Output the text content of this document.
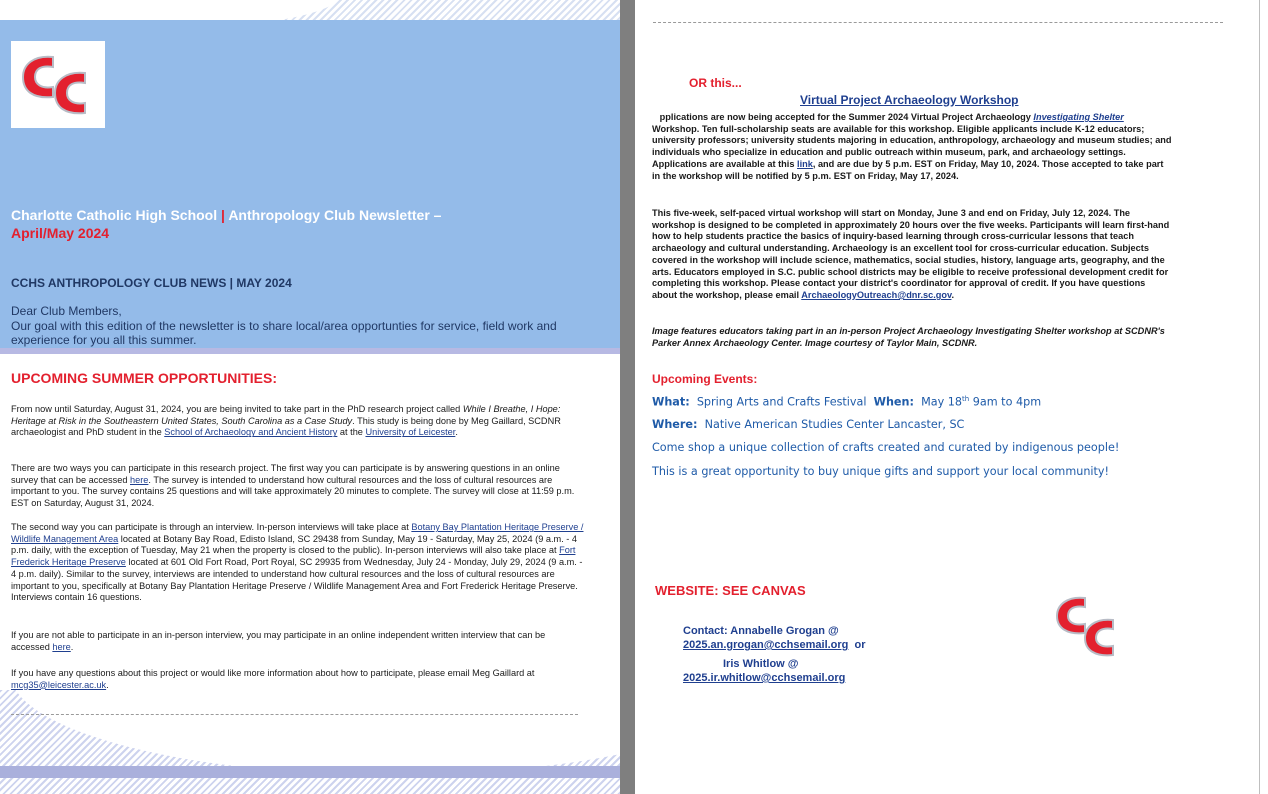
Charlotte Catholic High School | Anthropology Club Newsletter –
April/May 2024
CCHS ANTHROPOLOGY CLUB NEWS | MAY 2024
Dear Club Members,
Our goal with this edition of the newsletter is to share local/area opportunties for service, field work and experience for you all this summer.
UPCOMING SUMMER OPPORTUNITIES:
From now until Saturday, August 31, 2024, you are being invited to take part in the PhD research project called While I Breathe, I Hope: Heritage at Risk in the Southeastern United States, South Carolina as a Case Study. This study is being done by Meg Gaillard, SCDNR archaeologist and PhD student in the School of Archaeology and Ancient History at the University of Leicester.
There are two ways you can participate in this research project. The first way you can participate is by answering questions in an online survey that can be accessed here. The survey is intended to understand how cultural resources and the loss of cultural resources are important to you. The survey contains 25 questions and will take approximately 20 minutes to complete. The survey will close at 11:59 p.m. EST on Saturday, August 31, 2024.
The second way you can participate is through an interview. In-person interviews will take place at Botany Bay Plantation Heritage Preserve / Wildlife Management Area located at Botany Bay Road, Edisto Island, SC 29438 from Sunday, May 19 - Saturday, May 25, 2024 (9 a.m. - 4 p.m. daily, with the exception of Tuesday, May 21 when the property is closed to the public). In-person interviews will also take place at Fort Frederick Heritage Preserve located at 601 Old Fort Road, Port Royal, SC 29935 from Wednesday, July 24 - Monday, July 29, 2024 (9 a.m. - 4 p.m. daily). Similar to the survey, interviews are intended to understand how cultural resources and the loss of cultural resources are important to you, specifically at Botany Bay Plantation Heritage Preserve / Wildlife Management Area and Fort Frederick Heritage Preserve. Interviews contain 16 questions.
If you are not able to participate in an in-person interview, you may participate in an online independent written interview that can be accessed here.
If you have any questions about this project or would like more information about how to participate, please email Meg Gaillard at mcg35@leicester.ac.uk.
OR this...
Virtual Project Archaeology Workshop
pplications are now being accepted for the Summer 2024 Virtual Project Archaeology Investigating Shelter Workshop. Ten full-scholarship seats are available for this workshop. Eligible applicants include K-12 educators; university professors; university students majoring in education, anthropology, archaeology and museum studies; and individuals who specialize in education and public outreach within museum, park, and archaeology settings. Applications are available at this link, and are due by 5 p.m. EST on Friday, May 10, 2024. Those accepted to take part in the workshop will be notified by 5 p.m. EST on Friday, May 17, 2024.
This five-week, self-paced virtual workshop will start on Monday, June 3 and end on Friday, July 12, 2024. The workshop is designed to be completed in approximately 20 hours over the five weeks. Participants will learn first-hand how to help students practice the basics of inquiry-based learning through cross-curricular lessons that teach archaeology and cultural understanding. Archaeology is an excellent tool for cross-curricular education. Subjects covered in the workshop will include science, mathematics, social studies, history, language arts, geography, and the arts. Educators employed in S.C. public school districts may be eligible to receive professional development credit for completing this workshop. Please contact your district's coordinator for approval of credit. If you have questions about the workshop, please email ArchaeologyOutreach@dnr.sc.gov.
Image features educators taking part in an in-person Project Archaeology Investigating Shelter workshop at SCDNR's Parker Annex Archaeology Center. Image courtesy of Taylor Main, SCDNR.
Upcoming Events:
What: Spring Arts and Crafts Festival When: May 18th 9am to 4pm
Where: Native American Studies Center Lancaster, SC
Come shop a unique collection of crafts created and curated by indigenous people!
This is a great opportunity to buy unique gifts and support your local community!
WEBSITE: SEE CANVAS
Contact: Annabelle Grogan @
2025.an.grogan@cchsemail.org or
Iris Whitlow @
2025.ir.whitlow@cchsemail.org
